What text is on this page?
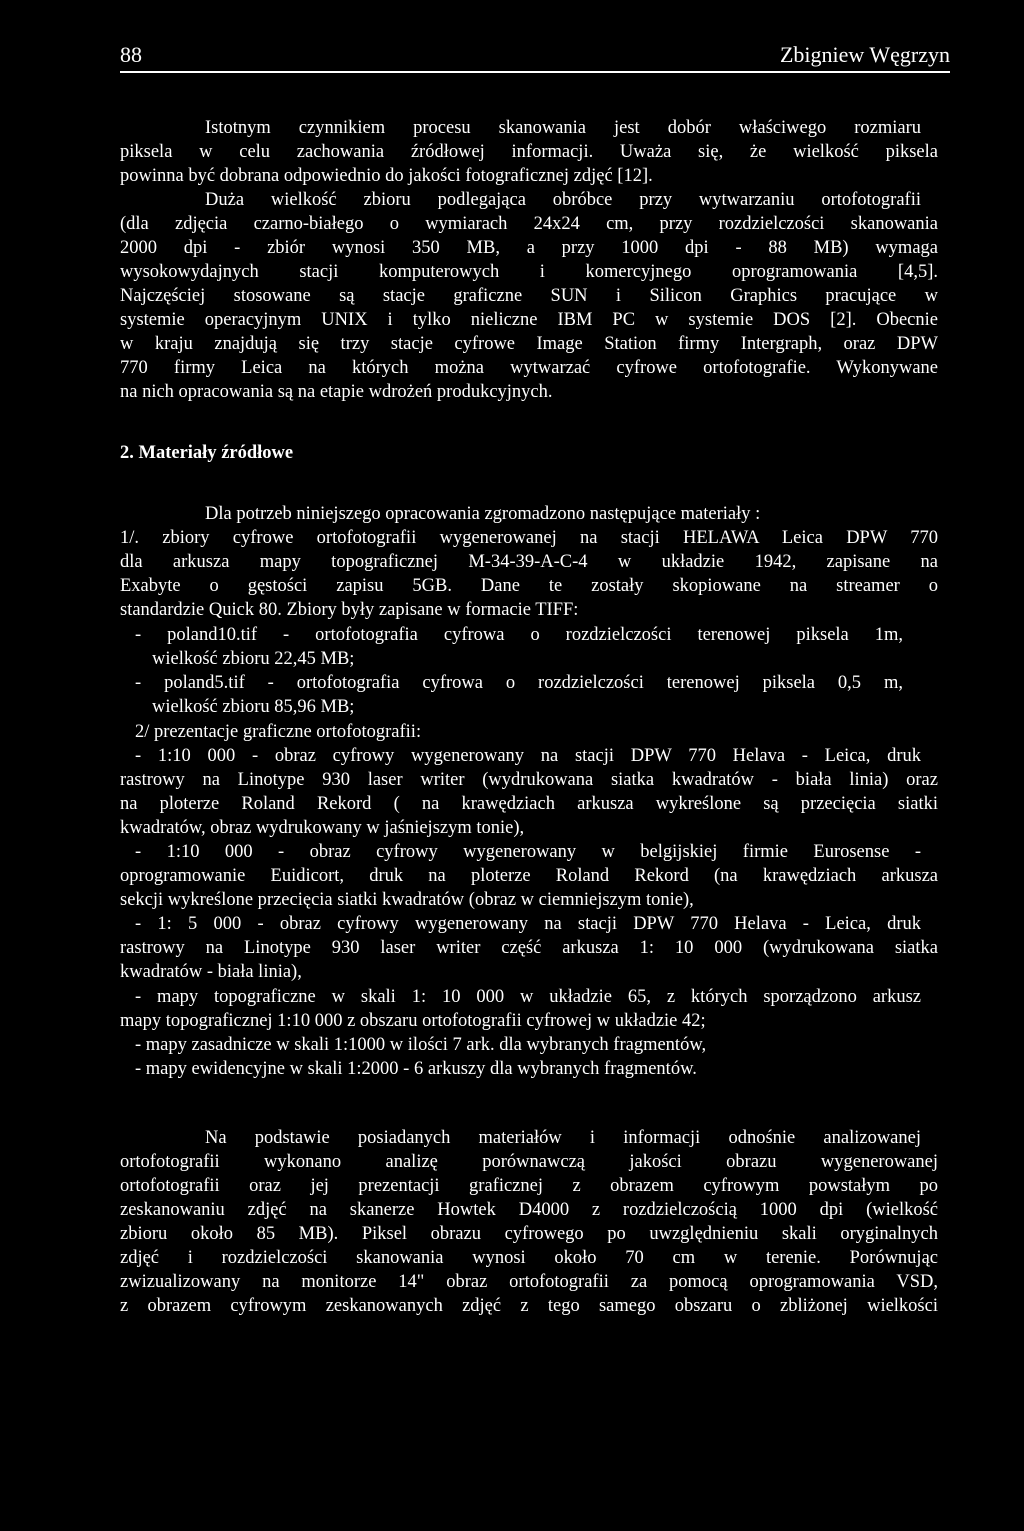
88	Zbigniew Węgrzyn
Istotnym czynnikiem procesu skanowania jest dobór właściwego rozmiaru
piksela w celu zachowania źródłowej informacji. Uważa się, że wielkość piksela
powinna być dobrana odpowiednio do jakości fotograficznej zdjęć [12].
Duża wielkość zbioru podlegająca obróbce przy wytwarzaniu ortofotografii
(dla zdjęcia czarno-białego o wymiarach 24x24 cm, przy rozdzielczości skanowania
2000 dpi - zbiór wynosi 350 MB, a przy 1000 dpi - 88 MB) wymaga
wysokowydajnych stacji komputerowych i komercyjnego oprogramowania [4,5].
Najczęściej stosowane są stacje graficzne SUN i Silicon Graphics pracujące w
systemie operacyjnym UNIX i tylko nieliczne IBM PC w systemie DOS [2]. Obecnie
w kraju znajdują się trzy stacje cyfrowe Image Station firmy Intergraph, oraz DPW
770 firmy Leica na których można wytwarzać cyfrowe ortofotografie. Wykonywane
na nich opracowania są na etapie wdrożeń produkcyjnych.
2. Materiały źródłowe
Dla potrzeb niniejszego opracowania zgromadzono następujące materiały :
1/. zbiory cyfrowe ortofotografii wygenerowanej na stacji HELAWA Leica DPW 770
dla arkusza mapy topograficznej M-34-39-A-C-4 w układzie 1942, zapisane na
Exabyte o gęstości zapisu 5GB. Dane te zostały skopiowane na streamer o
standardzie Quick 80. Zbiory były zapisane w formacie TIFF:
- poland10.tif - ortofotografia cyfrowa o rozdzielczości terenowej piksela 1m,
wielkość zbioru 22,45 MB;
- poland5.tif - ortofotografia cyfrowa o rozdzielczości terenowej piksela 0,5 m,
wielkość zbioru 85,96 MB;
2/ prezentacje graficzne ortofotografii:
- 1:10 000 - obraz cyfrowy wygenerowany na stacji DPW 770 Helava - Leica, druk
rastrowy na Linotype 930 laser writer (wydrukowana siatka kwadratów - biała linia) oraz
na ploterze Roland Rekord ( na krawędziach arkusza wykreślone są przecięcia siatki
kwadratów, obraz wydrukowany w jaśniejszym tonie),
- 1:10 000 - obraz cyfrowy wygenerowany w belgijskiej firmie Eurosense -
oprogramowanie Euidicort, druk na ploterze Roland Rekord (na krawędziach arkusza
sekcji wykreślone przecięcia siatki kwadratów (obraz w ciemniejszym tonie),
- 1: 5 000 - obraz cyfrowy wygenerowany na stacji DPW 770 Helava - Leica, druk
rastrowy na Linotype 930 laser writer część arkusza 1: 10 000 (wydrukowana siatka
kwadratów - biała linia),
- mapy topograficzne w skali 1: 10 000 w układzie 65, z których sporządzono arkusz
mapy topograficznej 1:10 000 z obszaru ortofotografii cyfrowej w układzie 42;
- mapy zasadnicze w skali 1:1000 w ilości 7 ark. dla wybranych fragmentów,
- mapy ewidencyjne w skali 1:2000 - 6 arkuszy dla wybranych fragmentów.
Na podstawie posiadanych materiałów i informacji odnośnie analizowanej
ortofotografii wykonano analizę porównawczą jakości obrazu wygenerowanej
ortofotografii oraz jej prezentacji graficznej z obrazem cyfrowym powstałym po
zeskanowaniu zdjęć na skanerze Howtek D4000 z rozdzielczością 1000 dpi (wielkość
zbioru około 85 MB). Piksel obrazu cyfrowego po uwzględnieniu skali oryginalnych
zdjęć i rozdzielczości skanowania wynosi około 70 cm w terenie. Porównując
zwizualizowany na monitorze 14" obraz ortofotografii za pomocą oprogramowania VSD,
z obrazem cyfrowym zeskanowanych zdjęć z tego samego obszaru o zbliżonej wielkości
